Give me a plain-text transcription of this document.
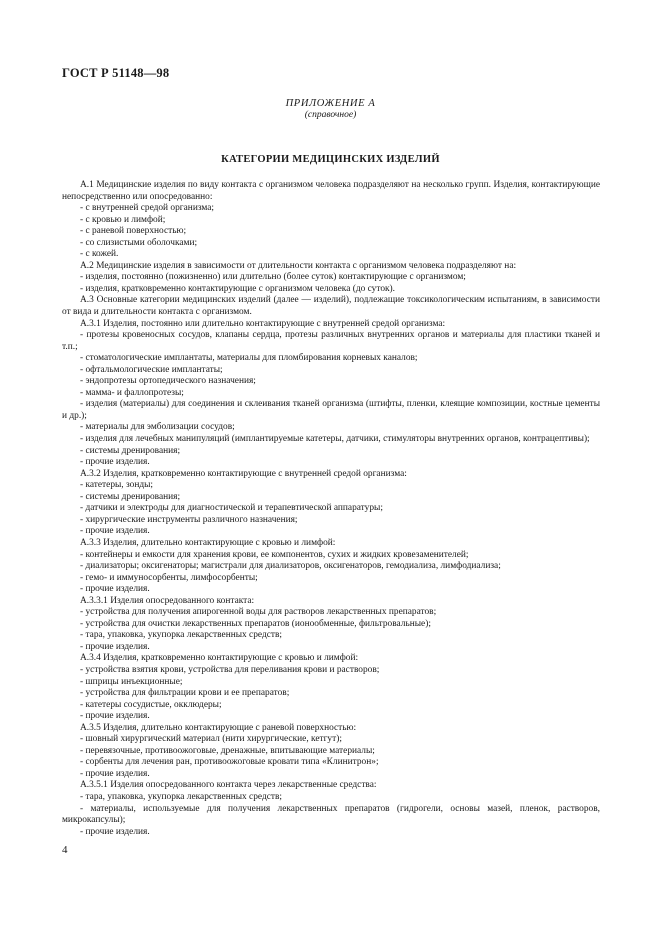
ГОСТ Р 51148—98
ПРИЛОЖЕНИЕ А
(справочное)
КАТЕГОРИИ МЕДИЦИНСКИХ ИЗДЕЛИЙ

А.1 Медицинские изделия по виду контакта с организмом человека подразделяют на несколько групп. Изделия, контактирующие непосредственно или опосредованно:

- с внутренней средой организма;

- с кровью и лимфой;

- с раневой поверхностью;

- со слизистыми оболочками;

- с кожей.

А.2 Медицинские изделия в зависимости от длительности контакта с организмом человека подразделяют на:

- изделия, постоянно (пожизненно) или длительно (более суток) контактирующие с организмом;

- изделия, кратковременно контактирующие с организмом человека (до суток).

А.3 Основные категории медицинских изделий (далее — изделий), подлежащие токсикологическим испытаниям, в зависимости от вида и длительности контакта с организмом.

А.3.1 Изделия, постоянно или длительно контактирующие с внутренней средой организма:

- протезы кровеносных сосудов, клапаны сердца, протезы различных внутренних органов и материалы для пластики тканей и т.п.;

- стоматологические имплантаты, материалы для пломбирования корневых каналов;

- офтальмологические имплантаты;

- эндопротезы ортопедического назначения;

- мамма- и фаллопротезы;

- изделия (материалы) для соединения и склеивания тканей организма (штифты, пленки, клеящие композиции, костные цементы и др.);

- материалы для эмболизации сосудов;

- изделия для лечебных манипуляций (имплантируемые катетеры, датчики, стимуляторы внутренних органов, контрацептивы);

- системы дренирования;

- прочие изделия.

А.3.2 Изделия, кратковременно контактирующие с внутренней средой организма:

- катетеры, зонды;

- системы дренирования;

- датчики и электроды для диагностической и терапевтической аппаратуры;

- хирургические инструменты различного назначения;

- прочие изделия.

А.3.3 Изделия, длительно контактирующие с кровью и лимфой:

- контейнеры и емкости для хранения крови, ее компонентов, сухих и жидких кровезаменителей;

- диализаторы; оксигенаторы; магистрали для диализаторов, оксигенаторов, гемодиализа, лимфодиализа;

- гемо- и иммуносорбенты, лимфосорбенты;

- прочие изделия.

А.3.3.1 Изделия опосредованного контакта:

- устройства для получения апирогенной воды для растворов лекарственных препаратов;

- устройства для очистки лекарственных препаратов (ионообменные, фильтровальные);

- тара, упаковка, укупорка лекарственных средств;

- прочие изделия.

А.3.4 Изделия, кратковременно контактирующие с кровью и лимфой:

- устройства взятия крови, устройства для переливания крови и растворов;

- шприцы инъекционные;

- устройства для фильтрации крови и ее препаратов;

- катетеры сосудистые, окклюдеры;

- прочие изделия.

А.3.5 Изделия, длительно контактирующие с раневой поверхностью:

- шовный хирургический материал (нити хирургические, кетгут);

- перевязочные, противоожоговые, дренажные, впитывающие материалы;

- сорбенты для лечения ран, противоожоговые кровати типа «Клинитрон»;

- прочие изделия.

А.3.5.1 Изделия опосредованного контакта через лекарственные средства:

- тара, упаковка, укупорка лекарственных средств;

- материалы, используемые для получения лекарственных препаратов (гидрогели, основы мазей, пленок, растворов, микрокапсулы);

- прочие изделия.

4
